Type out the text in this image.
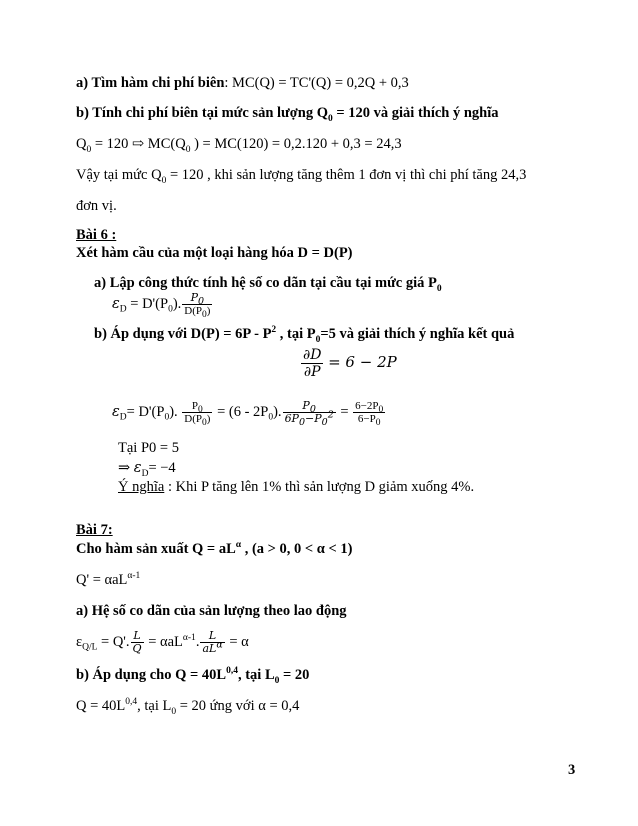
a) Tìm hàm chi phí biên: MC(Q) = TC'(Q) = 0,2Q + 0,3
b) Tính chi phí biên tại mức sản lượng $Q_0 = 120$ và giải thích ý nghĩa
$Q_0 = 120$ ⇨ $MC(Q_0$ ) = MC(120) = 0,2.120 + 0,3 = 24,3
Vậy tại mức $Q_0 = 120$ , khi sản lượng tăng thêm 1 đơn vị thì chi phí tăng 24,3
đơn vị.
Bài 6 :
Xét hàm cầu của một loại hàng hóa D = D(P)
a) Lập công thức tính hệ số co dãn tại cầu tại mức giá $P_0$
$\varepsilon_D = D'(P_0)$. $\frac{P_0}{D(P_0)}$
b) Áp dụng với $D(P) = 6P - P^2$ , tại $P_0=5$ và giải thích ý nghĩa kết quả
$\frac{\partial D}{\partial P} = 6 - 2P$
$\varepsilon_D= D'(P_0)$. $\frac{P_0}{D(P_0)} = (6 - 2P_0)$. $\frac{P_0}{6P_0-P_0^2} = \frac{6-2P_0}{6-P_0}$
Tại P0 = 5
⇒ $\varepsilon_D= -4$
Ý nghĩa : Khi P tăng lên 1% thì sản lượng D giảm xuống 4%.
Bài 7:
Cho hàm sản xuất $Q = aL^\alpha$ , (a > 0, 0 < α < 1)
Q' = αaL$^{\alpha-1}$
a) Hệ số co dãn của sản lượng theo lao động
$\varepsilon_{Q/L} = Q'$. $\frac{L}{Q} = \alpha aL^{\alpha-1}$. $\frac{L}{aL^\alpha} = \alpha$
b) Áp dụng cho $Q = 40L^{0,4}$, tại $L_0 = 20$
$Q = 40L^{0,4}$, tại $L_0 = 20$ ứng với α = 0,4
3
